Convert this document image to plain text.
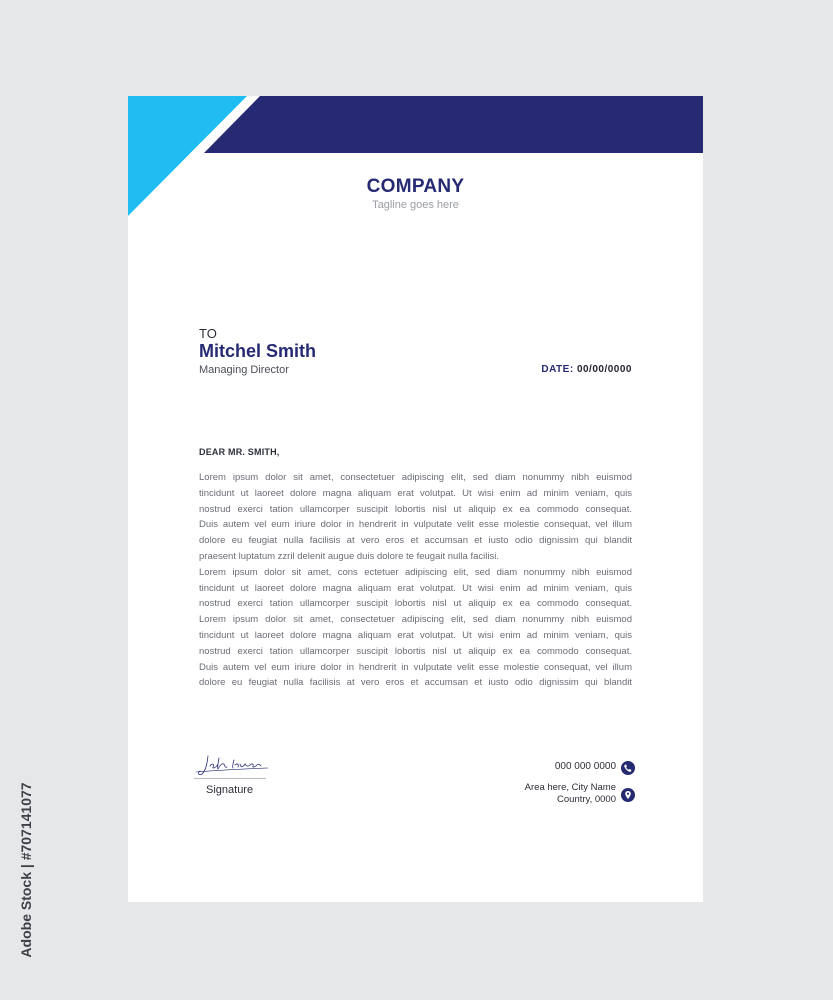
COMPANY
Tagline goes here
TO
Mitchel Smith
Managing Director	DATE: 00/00/0000
DEAR MR. SMITH,
Lorem ipsum dolor sit amet, consectetuer adipiscing elit, sed diam nonummy nibh euismod
tincidunt ut laoreet dolore magna aliquam erat volutpat. Ut wisi enim ad minim veniam, quis
nostrud exerci tation ullamcorper suscipit lobortis nisl ut aliquip ex ea commodo consequat.
Duis autem vel eum iriure dolor in hendrerit in vulputate velit esse molestie consequat, vel illum
dolore eu feugiat nulla facilisis at vero eros et accumsan et iusto odio dignissim qui blandit
praesent luptatum zzril delenit augue duis dolore te feugait nulla facilisi.
Lorem ipsum dolor sit amet, cons ectetuer adipiscing elit, sed diam nonummy nibh euismod
tincidunt ut laoreet dolore magna aliquam erat volutpat. Ut wisi enim ad minim veniam, quis
nostrud exerci tation ullamcorper suscipit lobortis nisl ut aliquip ex ea commodo consequat.
Lorem ipsum dolor sit amet, consectetuer adipiscing elit, sed diam nonummy nibh euismod
tincidunt ut laoreet dolore magna aliquam erat volutpat. Ut wisi enim ad minim veniam, quis
nostrud exerci tation ullamcorper suscipit lobortis nisl ut aliquip ex ea commodo consequat.
Duis autem vel eum iriure dolor in hendrerit in vulputate velit esse molestie consequat, vel illum
dolore eu feugiat nulla facilisis at vero eros et accumsan et iusto odio dignissim qui blandit
Signature
000 000 0000
Area here, City Name
Country, 0000
Adobe Stock | #707141077
